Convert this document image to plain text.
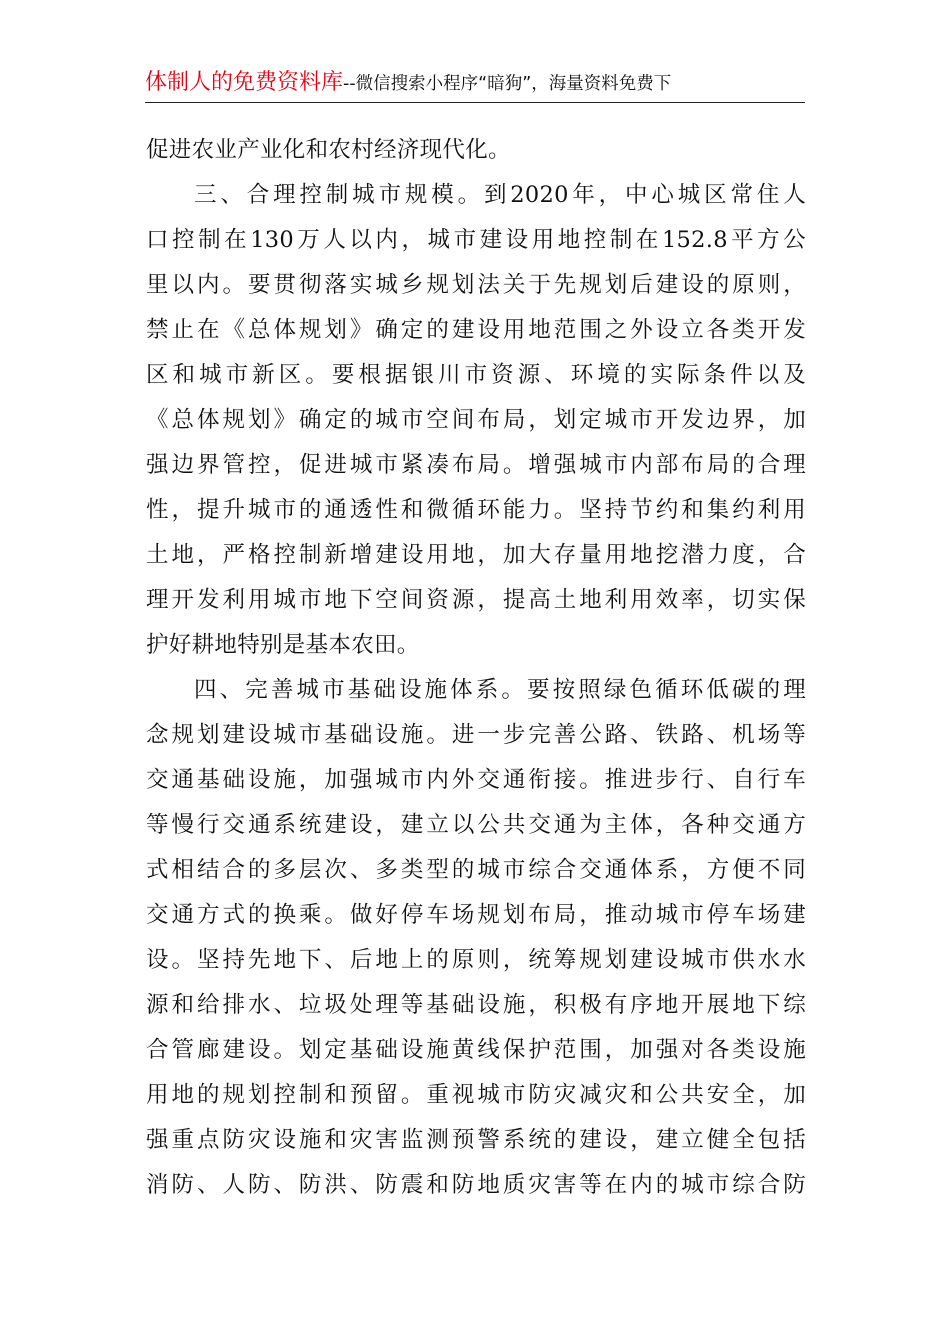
体制人的免费资料库--微信搜索小程序“暗狗”，海量资料免费下
促进农业产业化和农村经济现代化。
三、合理控制城市规模。到2020年，中心城区常住人
口控制在130万人以内，城市建设用地控制在152.8平方公
里以内。要贯彻落实城乡规划法关于先规划后建设的原则，
禁止在《总体规划》确定的建设用地范围之外设立各类开发
区和城市新区。要根据银川市资源、环境的实际条件以及
《总体规划》确定的城市空间布局，划定城市开发边界，加
强边界管控，促进城市紧凑布局。增强城市内部布局的合理
性，提升城市的通透性和微循环能力。坚持节约和集约利用
土地，严格控制新增建设用地，加大存量用地挖潜力度，合
理开发利用城市地下空间资源，提高土地利用效率，切实保
护好耕地特别是基本农田。
四、完善城市基础设施体系。要按照绿色循环低碳的理
念规划建设城市基础设施。进一步完善公路、铁路、机场等
交通基础设施，加强城市内外交通衔接。推进步行、自行车
等慢行交通系统建设，建立以公共交通为主体，各种交通方
式相结合的多层次、多类型的城市综合交通体系，方便不同
交通方式的换乘。做好停车场规划布局，推动城市停车场建
设。坚持先地下、后地上的原则，统筹规划建设城市供水水
源和给排水、垃圾处理等基础设施，积极有序地开展地下综
合管廊建设。划定基础设施黄线保护范围，加强对各类设施
用地的规划控制和预留。重视城市防灾减灾和公共安全，加
强重点防灾设施和灾害监测预警系统的建设，建立健全包括
消防、人防、防洪、防震和防地质灾害等在内的城市综合防
